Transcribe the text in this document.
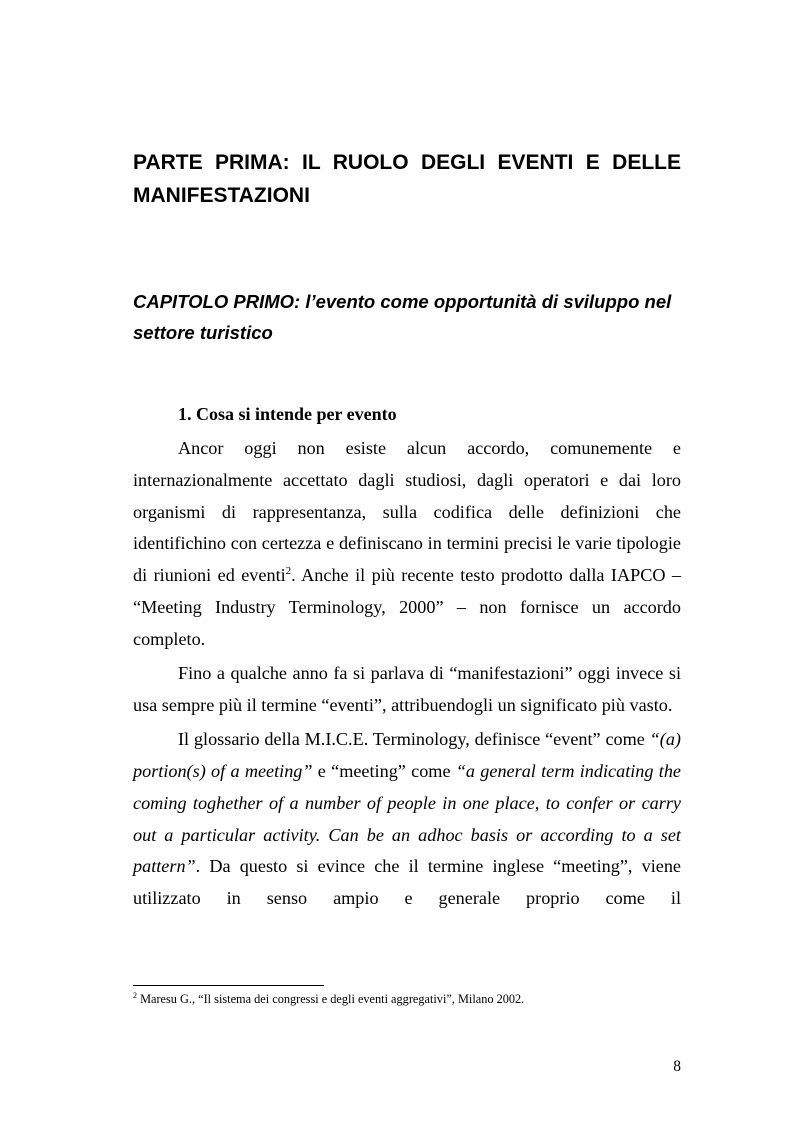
PARTE PRIMA: IL RUOLO DEGLI EVENTI E DELLE MANIFESTAZIONI
CAPITOLO PRIMO: l’evento come opportunità di sviluppo nel settore turistico
1. Cosa si intende per evento

Ancor oggi non esiste alcun accordo, comunemente e internazionalmente accettato dagli studiosi, dagli operatori e dai loro organismi di rappresentanza, sulla codifica delle definizioni che identifichino con certezza e definiscano in termini precisi le varie tipologie di riunioni ed eventi$^2$. Anche il più recente testo prodotto dalla IAPCO – “Meeting Industry Terminology, 2000” – non fornisce un accordo completo.

Fino a qualche anno fa si parlava di “manifestazioni” oggi invece si usa sempre più il termine “eventi”, attribuendogli un significato più vasto.

Il glossario della M.I.C.E. Terminology, definisce “event” come “(a) portion(s) of a meeting” e “meeting” come “a general term indicating the coming toghether of a number of people in one place, to confer or carry out a particular activity. Can be an adhoc basis or according to a set pattern”. Da questo si evince che il termine inglese “meeting”, viene utilizzato in senso ampio e generale proprio come il

$^2$ Maresu G., “Il sistema dei congressi e degli eventi aggregativi”, Milano 2002.
8
